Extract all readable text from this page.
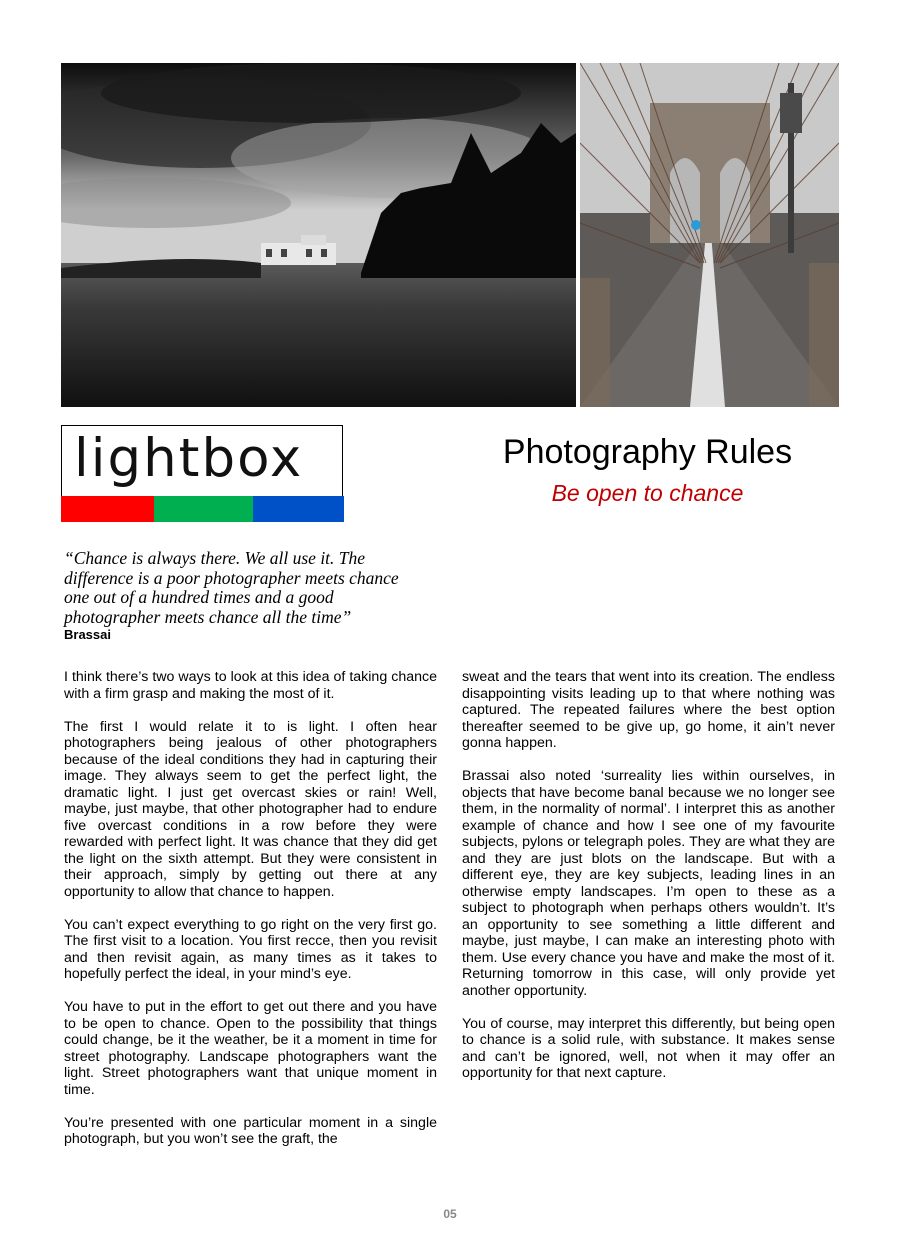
lightbox	Photography Rules
Be open to chance
“Chance is always there. We all use it. The difference is a poor photographer meets chance one out of a hundred times and a good photographer meets chance all the time”
Brassai

I think there’s two ways to look at this idea of taking chance with a firm grasp and making the most of it.

The first I would relate it to is light. I often hear photographers being jealous of other photographers because of the ideal conditions they had in capturing their image. They always seem to get the perfect light, the dramatic light. I just get overcast skies or rain! Well, maybe, just maybe, that other photographer had to endure five overcast conditions in a row before they were rewarded with perfect light. It was chance that they did get the light on the sixth attempt. But they were consistent in their approach, simply by getting out there at any opportunity to allow that chance to happen.

You can’t expect everything to go right on the very first go. The first visit to a location. You first recce, then you revisit and then revisit again, as many times as it takes to hopefully perfect the ideal, in your mind’s eye.

You have to put in the effort to get out there and you have to be open to chance. Open to the possibility that things could change, be it the weather, be it a moment in time for street photography. Landscape photographers want the light. Street photographers want that unique moment in time.

You’re presented with one particular moment in a single photograph, but you won’t see the graft, the

sweat and the tears that went into its creation. The endless disappointing visits leading up to that where nothing was captured. The repeated failures where the best option thereafter seemed to be give up, go home, it ain’t never gonna happen.

Brassai also noted ‘surreality lies within ourselves, in objects that have become banal because we no longer see them, in the normality of normal’. I interpret this as another example of chance and how I see one of my favourite subjects, pylons or telegraph poles. They are what they are and they are just blots on the landscape. But with a different eye, they are key subjects, leading lines in an otherwise empty landscapes. I’m open to these as a subject to photograph when perhaps others wouldn’t. It’s an opportunity to see something a little different and maybe, just maybe, I can make an interesting photo with them. Use every chance you have and make the most of it. Returning tomorrow in this case, will only provide yet another opportunity.

You of course, may interpret this differently, but being open to chance is a solid rule, with substance. It makes sense and can’t be ignored, well, not when it may offer an opportunity for that next capture.

05
